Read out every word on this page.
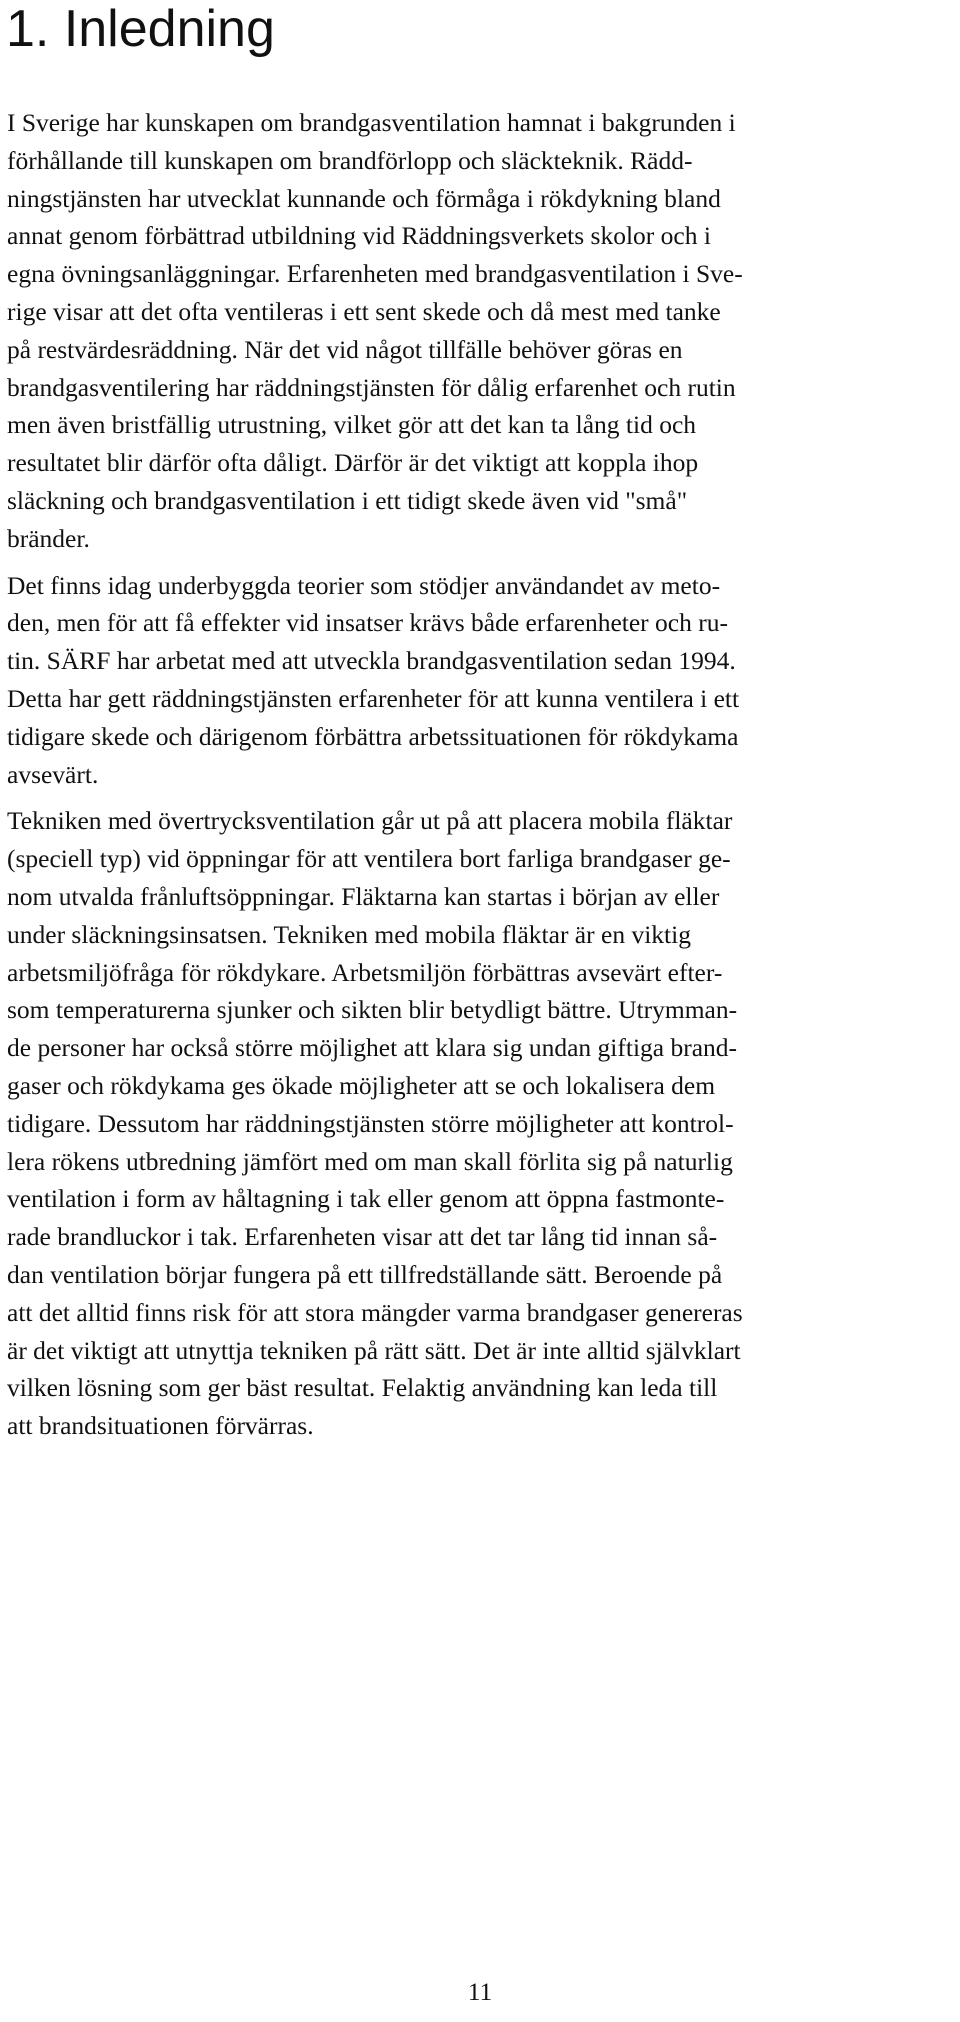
1. Inledning

I Sverige har kunskapen om brandgasventilation hamnat i bakgrunden i
förhållande till kunskapen om brandförlopp och släckteknik. Rädd-
ningstjänsten har utvecklat kunnande och förmåga i rökdykning bland
annat genom förbättrad utbildning vid Räddningsverkets skolor och i
egna övningsanläggningar. Erfarenheten med brandgasventilation i Sve-
rige visar att det ofta ventileras i ett sent skede och då mest med tanke
på restvärdesräddning. När det vid något tillfälle behöver göras en
brandgasventilering har räddningstjänsten för dålig erfarenhet och rutin
men även bristfällig utrustning, vilket gör att det kan ta lång tid och
resultatet blir därför ofta dåligt. Därför är det viktigt att koppla ihop
släckning och brandgasventilation i ett tidigt skede även vid "små"
bränder.

Det finns idag underbyggda teorier som stödjer användandet av meto-
den, men för att få effekter vid insatser krävs både erfarenheter och ru-
tin. SÄRF har arbetat med att utveckla brandgasventilation sedan 1994.
Detta har gett räddningstjänsten erfarenheter för att kunna ventilera i ett
tidigare skede och därigenom förbättra arbetssituationen för rökdykama
avsevärt.

Tekniken med övertrycksventilation går ut på att placera mobila fläktar
(speciell typ) vid öppningar för att ventilera bort farliga brandgaser ge-
nom utvalda frånluftsöppningar. Fläktarna kan startas i början av eller
under släckningsinsatsen. Tekniken med mobila fläktar är en viktig
arbetsmiljöfråga för rökdykare. Arbetsmiljön förbättras avsevärt efter-
som temperaturerna sjunker och sikten blir betydligt bättre. Utrymman-
de personer har också större möjlighet att klara sig undan giftiga brand-
gaser och rökdykama ges ökade möjligheter att se och lokalisera dem
tidigare. Dessutom har räddningstjänsten större möjligheter att kontrol-
lera rökens utbredning jämfört med om man skall förlita sig på naturlig
ventilation i form av håltagning i tak eller genom att öppna fastmonte-
rade brandluckor i tak. Erfarenheten visar att det tar lång tid innan så-
dan ventilation börjar fungera på ett tillfredställande sätt. Beroende på
att det alltid finns risk för att stora mängder varma brandgaser genereras
är det viktigt att utnyttja tekniken på rätt sätt. Det är inte alltid självklart
vilken lösning som ger bäst resultat. Felaktig användning kan leda till
att brandsituationen förvärras.

11
